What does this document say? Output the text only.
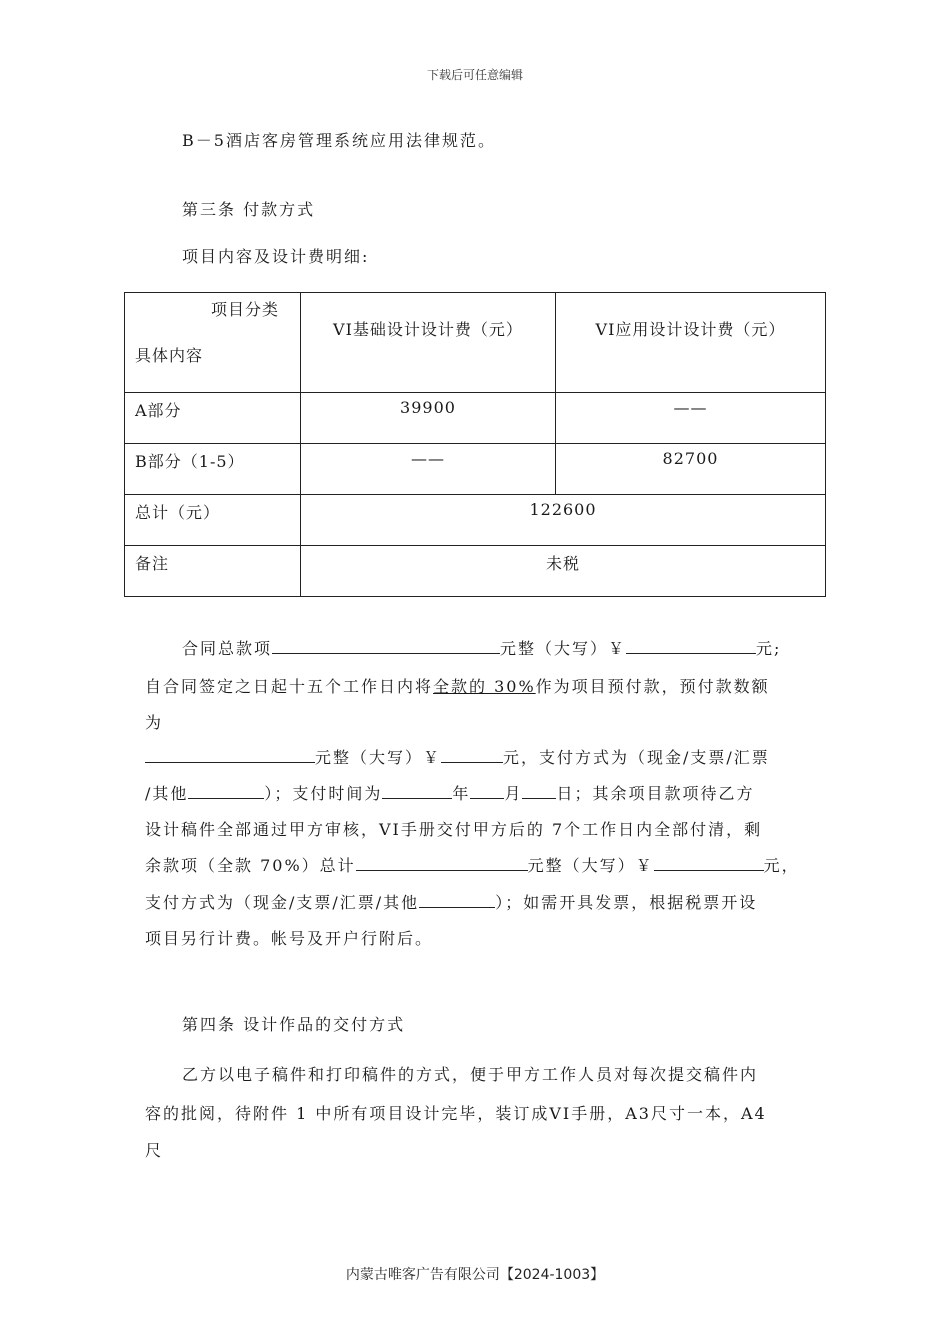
下载后可任意编辑
B－5酒店客房管理系统应用法律规范。
第三条 付款方式
项目内容及设计费明细:
项目分类
具体内容	VI基础设计设计费（元）	VI应用设计设计费（元）
A部分	39900	——
B部分（1-5）	——	82700
总计（元）	122600	
备注	未税	
合同总款项	元整（大写）￥	元;
自合同签定之日起十五个工作日内将全款的 30%作为项目预付款，预付款数额
为
元整（大写）￥	元，支付方式为（现金/支票/汇票
/其他	）；支付时间为	年 月 日；其余项目款项待乙方
设计稿件全部通过甲方审核，VI手册交付甲方后的 7个工作日内全部付清，剩
余款项（全款 70%）总计	元整（大写）￥	元，
支付方式为（现金/支票/汇票/其他	）；如需开具发票，根据税票开设
项目另行计费。帐号及开户行附后。
第四条 设计作品的交付方式
乙方以电子稿件和打印稿件的方式，便于甲方工作人员对每次提交稿件内
容的批阅，待附件 1 中所有项目设计完毕，装订成VI手册，A3尺寸一本，A4
尺
内蒙古唯客广告有限公司【2024-1003】
